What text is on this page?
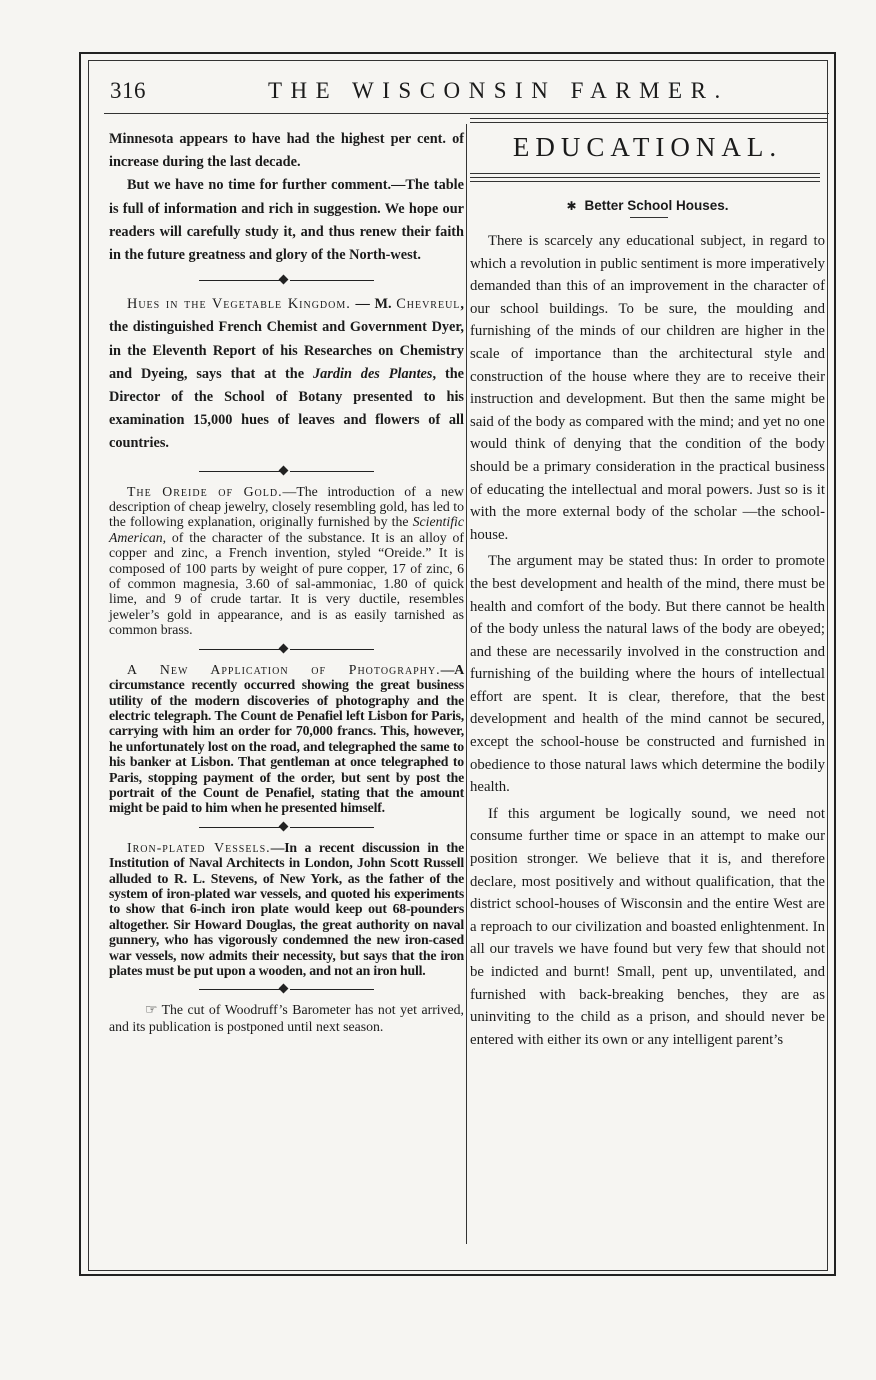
316	THE WISCONSIN FARMER.

Minnesota appears to have had the highest per cent. of increase during the last decade.

But we have no time for further comment.—The table is full of information and rich in suggestion. We hope our readers will carefully study it, and thus renew their faith in the future greatness and glory of the North-west.

Hues in the Vegetable Kingdom. — M. Chevreul, the distinguished French Chemist and Government Dyer, in the Eleventh Report of his Researches on Chemistry and Dyeing, says that at the Jardin des Plantes, the Director of the School of Botany presented to his examination 15,000 hues of leaves and flowers of all countries.

The Oreide of Gold.—The introduction of a new description of cheap jewelry, closely resembling gold, has led to the following explanation, originally furnished by the Scientific American, of the character of the substance. It is an alloy of copper and zinc, a French invention, styled “Oreide.” It is composed of 100 parts by weight of pure copper, 17 of zinc, 6 of common magnesia, 3.60 of sal-ammoniac, 1.80 of quick lime, and 9 of crude tartar. It is very ductile, resembles jeweler’s gold in appearance, and is as easily tarnished as common brass.

A New Application of Photography.—A circumstance recently occurred showing the great business utility of the modern discoveries of photography and the electric telegraph. The Count de Penafiel left Lisbon for Paris, carrying with him an order for 70,000 francs. This, however, he unfortunately lost on the road, and telegraphed the same to his banker at Lisbon. That gentleman at once telegraphed to Paris, stopping payment of the order, but sent by post the portrait of the Count de Penafiel, stating that the amount might be paid to him when he presented himself.

Iron-plated Vessels.—In a recent discussion in the Institution of Naval Architects in London, John Scott Russell alluded to R. L. Stevens, of New York, as the father of the system of iron-plated war vessels, and quoted his experiments to show that 6-inch iron plate would keep out 68-pounders altogether. Sir Howard Douglas, the great authority on naval gunnery, who has vigorously condemned the new iron-cased war vessels, now admits their necessity, but says that the iron plates must be put upon a wooden, and not an iron hull.

☞ The cut of Woodruff’s Barometer has not yet arrived, and its publication is postponed until next season.

EDUCATIONAL.
✱ Better School Houses.

There is scarcely any educational subject, in regard to which a revolution in public sentiment is more imperatively demanded than this of an improvement in the character of our school buildings. To be sure, the moulding and furnishing of the minds of our children are higher in the scale of importance than the architectural style and construction of the house where they are to receive their instruction and development. But then the same might be said of the body as compared with the mind; and yet no one would think of denying that the condition of the body should be a primary consideration in the practical business of educating the intellectual and moral powers. Just so is it with the more external body of the scholar —the school-house.

The argument may be stated thus: In order to promote the best development and health of the mind, there must be health and comfort of the body. But there cannot be health of the body unless the natural laws of the body are obeyed; and these are necessarily involved in the construction and furnishing of the building where the hours of intellectual effort are spent. It is clear, therefore, that the best development and health of the mind cannot be secured, except the school-house be constructed and furnished in obedience to those natural laws which determine the bodily health.

If this argument be logically sound, we need not consume further time or space in an attempt to make our position stronger. We believe that it is, and therefore declare, most positively and without qualification, that the district school-houses of Wisconsin and the entire West are a reproach to our civilization and boasted enlightenment. In all our travels we have found but very few that should not be indicted and burnt! Small, pent up, unventilated, and furnished with back-breaking benches, they are as uninviting to the child as a prison, and should never be entered with either its own or any intelligent parent’s
